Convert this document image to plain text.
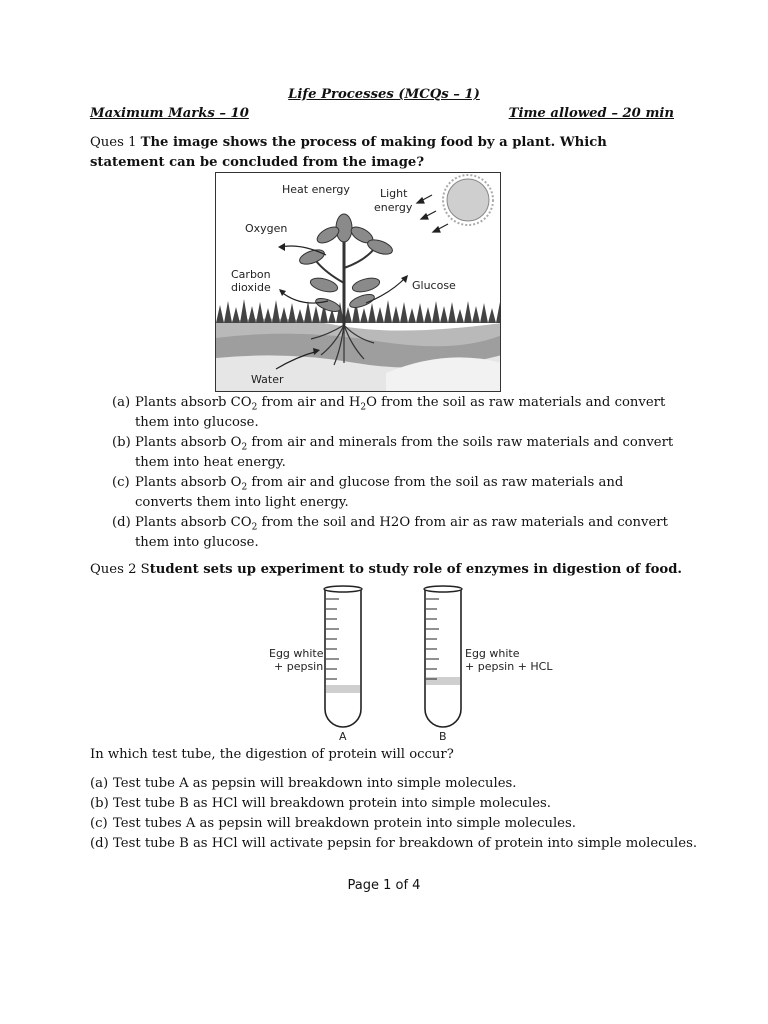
Life Processes (MCQs – 1)
Maximum Marks – 10	Time allowed – 20 min
Ques 1 The image shows the process of making food by a plant. Which statement can be concluded from the image?
Heat energy	Light
energy
Oxygen
Carbon
dioxide	Glucose
Water
(a) Plants absorb $CO_2$ from air and $H_2O$ from the soil as raw materials and convert them into glucose.
(b) Plants absorb $O_2$ from air and minerals from the soils raw materials and convert them into heat energy.
(c) Plants absorb $O_2$ from air and glucose from the soil as raw materials and converts them into light energy.
(d) Plants absorb $CO_2$ from the soil and H2O from air as raw materials and convert them into glucose.
Ques 2 Student sets up experiment to study role of enzymes in digestion of food.
Egg white
+ pepsin
Egg white
+ pepsin + HCL
A	B
In which test tube, the digestion of protein will occur?
(a) Test tube A as pepsin will breakdown into simple molecules.
(b) Test tube B as HCl will breakdown protein into simple molecules.
(c) Test tubes A as pepsin will breakdown protein into simple molecules.
(d) Test tube B as HCl will activate pepsin for breakdown of protein into simple molecules.
Page 1 of 4
